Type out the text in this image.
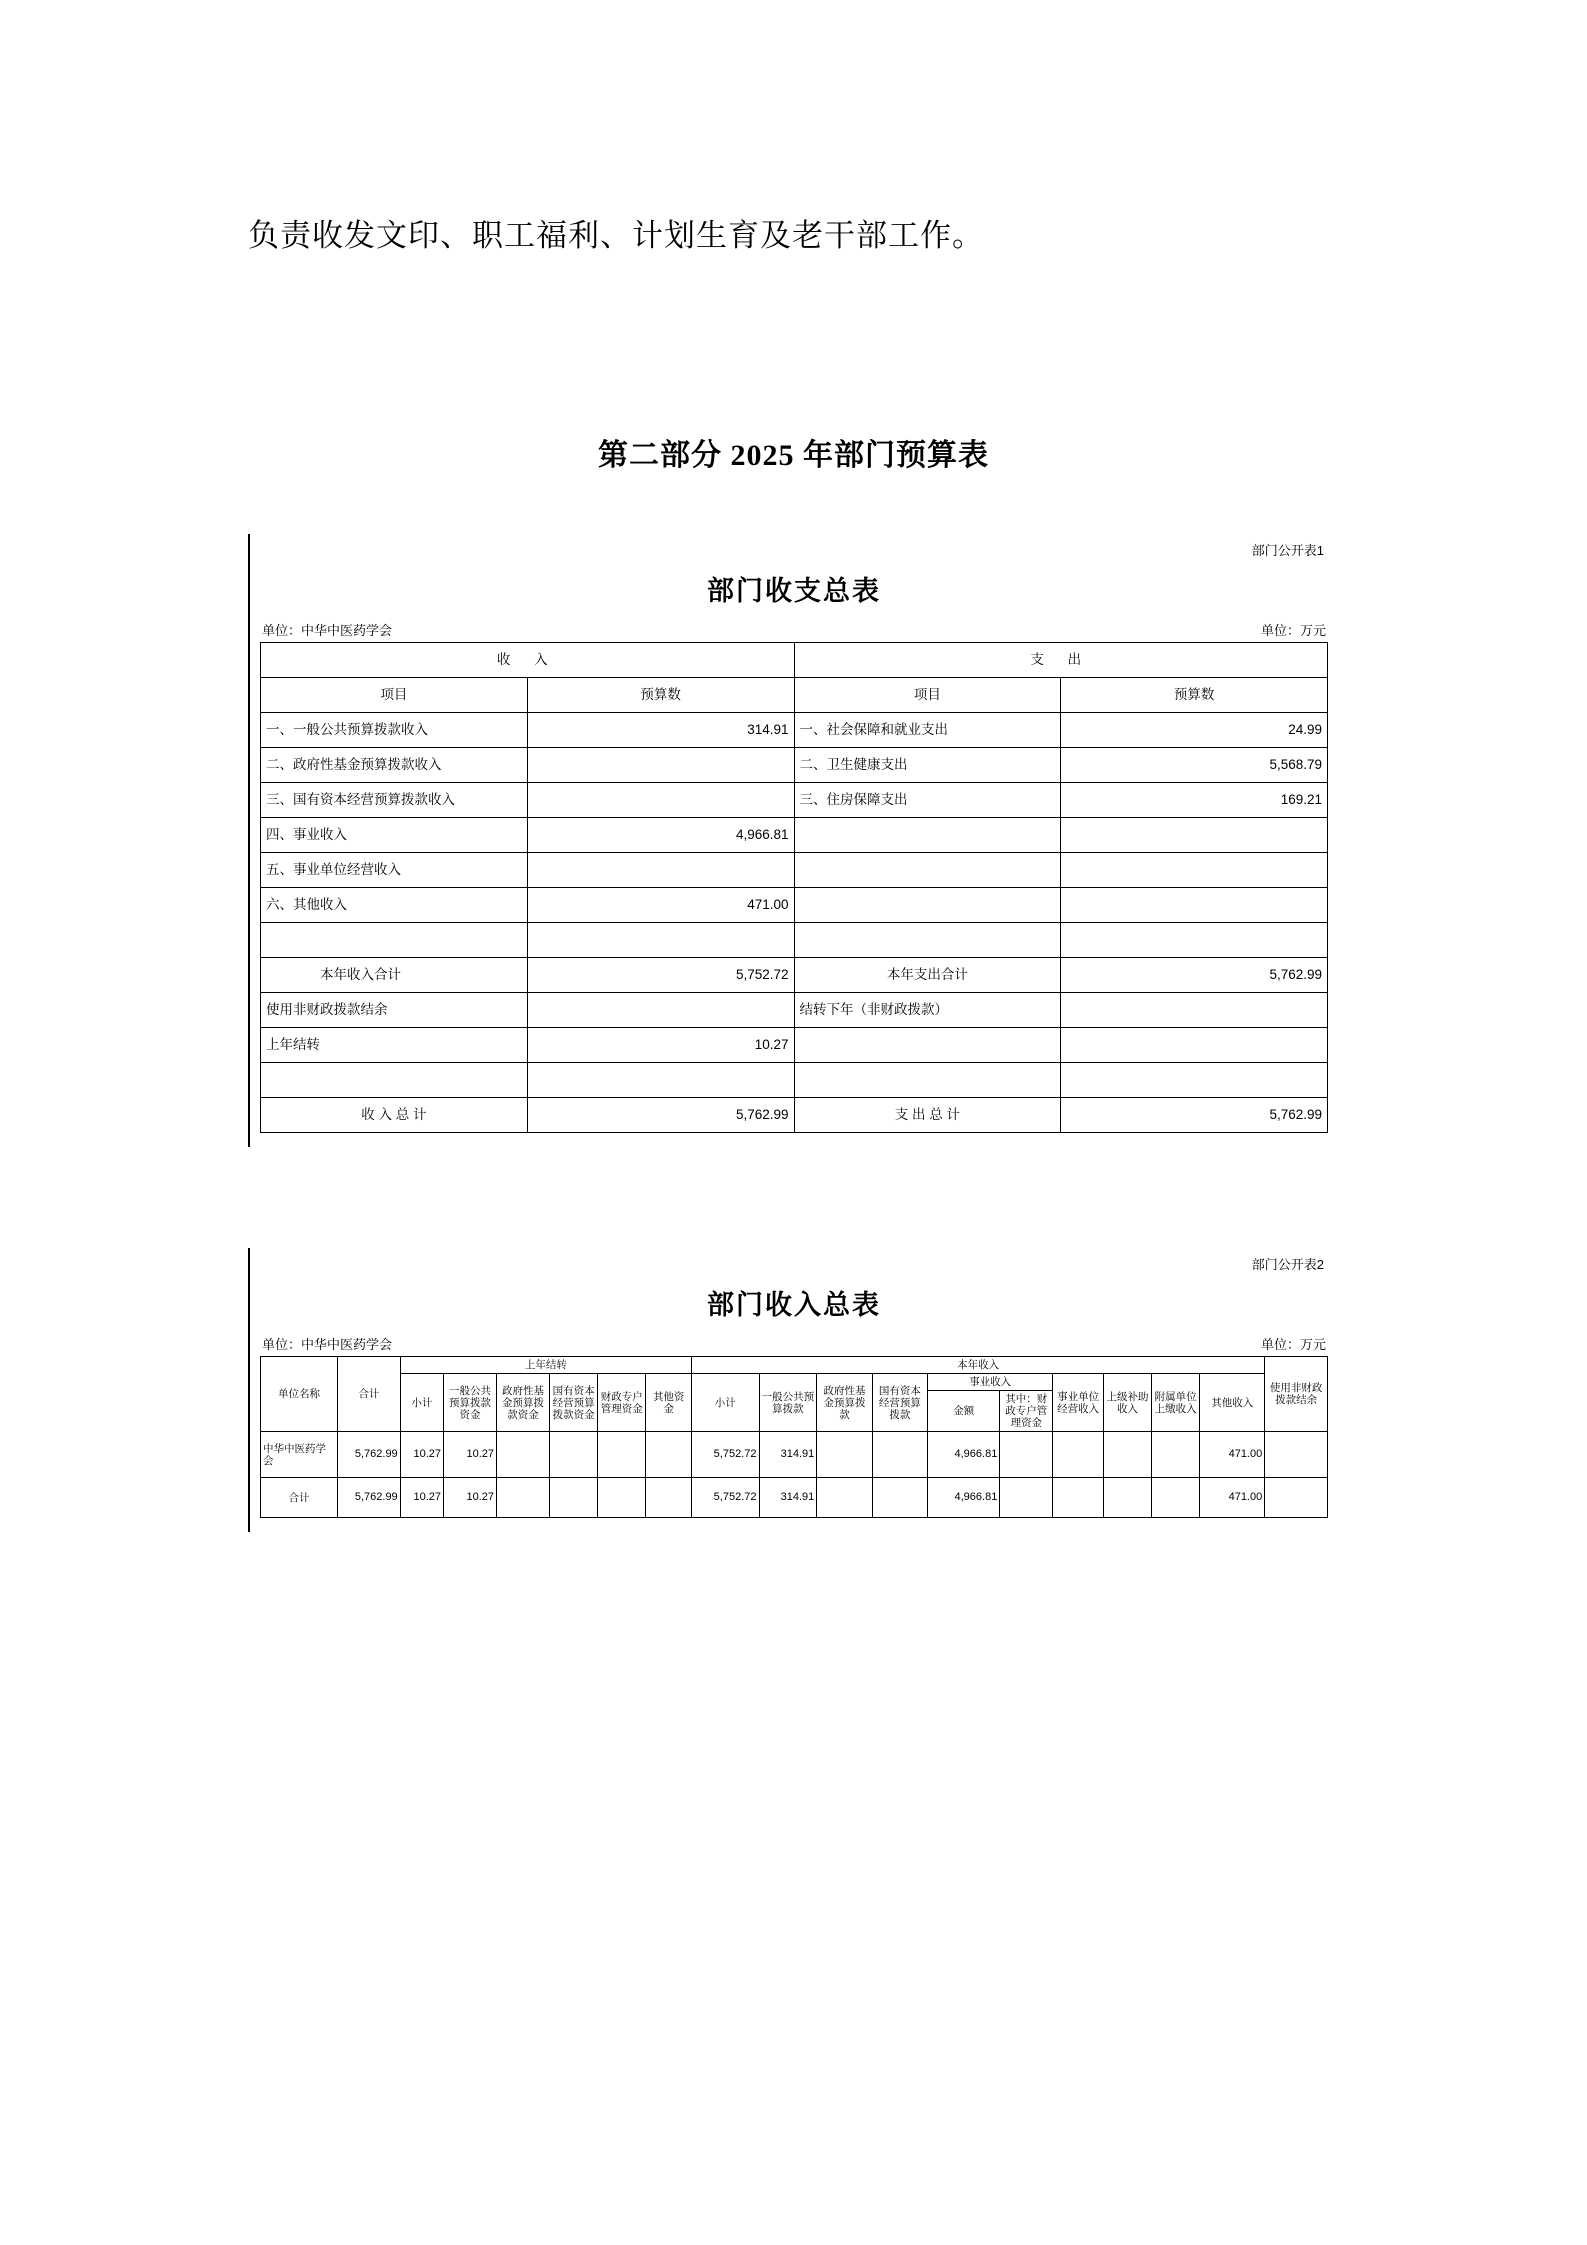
负责收发文印、职工福利、计划生育及老干部工作。
第二部分 2025 年部门预算表
部门公开表1
部门收支总表
单位：中华中医药学会	单位：万元
收 入		支 出	
项目	预算数	项目	预算数
一、一般公共预算拨款收入	314.91	一、社会保障和就业支出	24.99
二、政府性基金预算拨款收入		二、卫生健康支出	5,568.79
三、国有资本经营预算拨款收入		三、住房保障支出	169.21
四、事业收入	4,966.81		
五、事业单位经营收入			
六、其他收入	471.00		

　　　　本年收入合计	5,752.72	本年支出合计	5,762.99
使用非财政拨款结余		结转下年（非财政拨款）	
上年结转	10.27		

收 入 总 计	5,762.99	支 出 总 计	5,762.99
部门公开表2
部门收入总表
单位：中华中医药学会	单位：万元
单位名称	合计	上年结转						本年收入										使用非财政拨款结余
		小计	一般公共预算拨款资金	政府性基金预算拨款资金	国有资本经营预算拨款资金	财政专户管理资金	其他资金	小计	一般公共预算拨款	政府性基金预算拨款	国有资本经营预算拨款	事业收入		事业单位经营收入	上级补助收入	附属单位上缴收入	其他收入	
												金额	其中：财政专户管理资金					
中华中医药学会	5,762.99	10.27	10.27					5,752.72	314.91			4,966.81					471.00	
合计	5,762.99	10.27	10.27					5,752.72	314.91			4,966.81					471.00	
